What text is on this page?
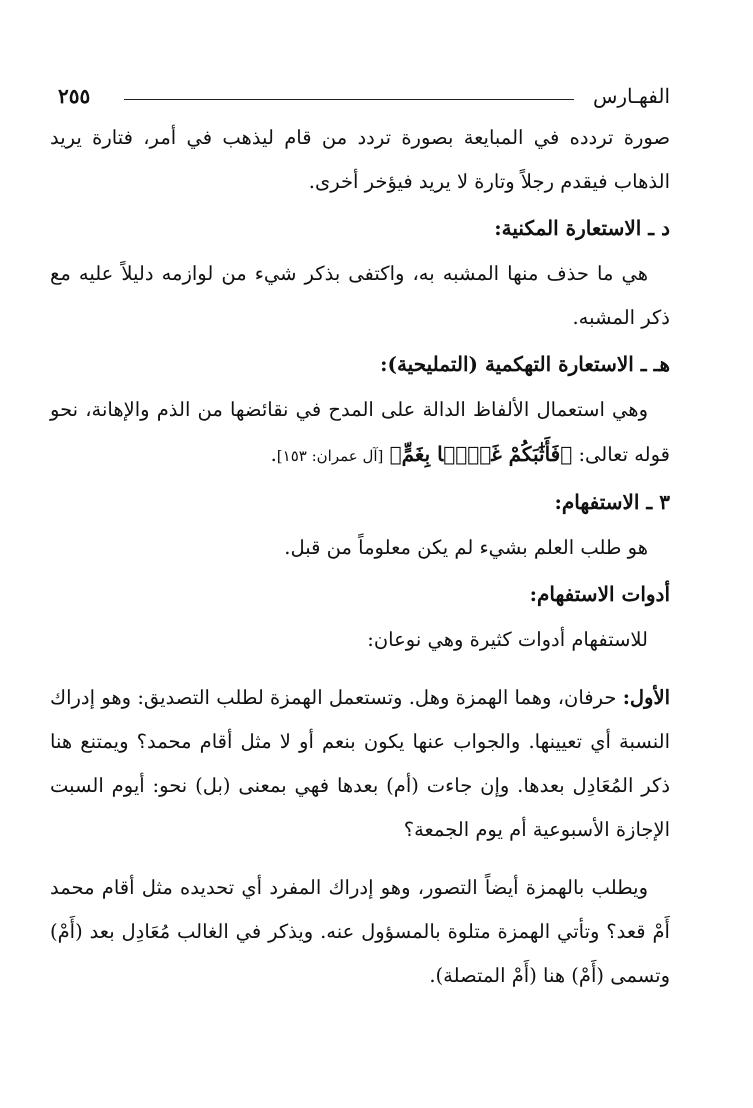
الفهـارس
٢٥٥

صورة تردده في المبايعة بصورة تردد من قام ليذهب في أمر، فتارة يريد الذهاب فيقدم رجلاً وتارة لا يريد فيؤخر أخرى.

د ـ الاستعارة المكنية:

هي ما حذف منها المشبه به، واكتفى بذكر شيء من لوازمه دليلاً عليه مع ذكر المشبه.

هـ ـ الاستعارة التهكمية (التمليحية):

وهي استعمال الألفاظ الدالة على المدح في نقائضها من الذم والإهانة، نحو قوله تعالى: ﴿فَأَثَٰبَكُمْ غَمًّۢا بِغَمٍّ﴾ [آل عمران: ١٥٣].

٣ ـ الاستفهام:

هو طلب العلم بشيء لم يكن معلوماً من قبل.

أدوات الاستفهام:

للاستفهام أدوات كثيرة وهي نوعان:

الأول: حرفان، وهما الهمزة وهل. وتستعمل الهمزة لطلب التصديق: وهو إدراك النسبة أي تعيينها. والجواب عنها يكون بنعم أو لا مثل أقام محمد؟ ويمتنع هنا ذكر المُعَادِل بعدها. وإن جاءت (أم) بعدها فهي بمعنى (بل) نحو: أيوم السبت الإجازة الأسبوعية أم يوم الجمعة؟

ويطلب بالهمزة أيضاً التصور، وهو إدراك المفرد أي تحديده مثل أقام محمد أَمْ قعد؟ وتأتي الهمزة متلوة بالمسؤول عنه. ويذكر في الغالب مُعَادِل بعد (أَمْ) وتسمى (أَمْ) هنا (أَمْ المتصلة).
